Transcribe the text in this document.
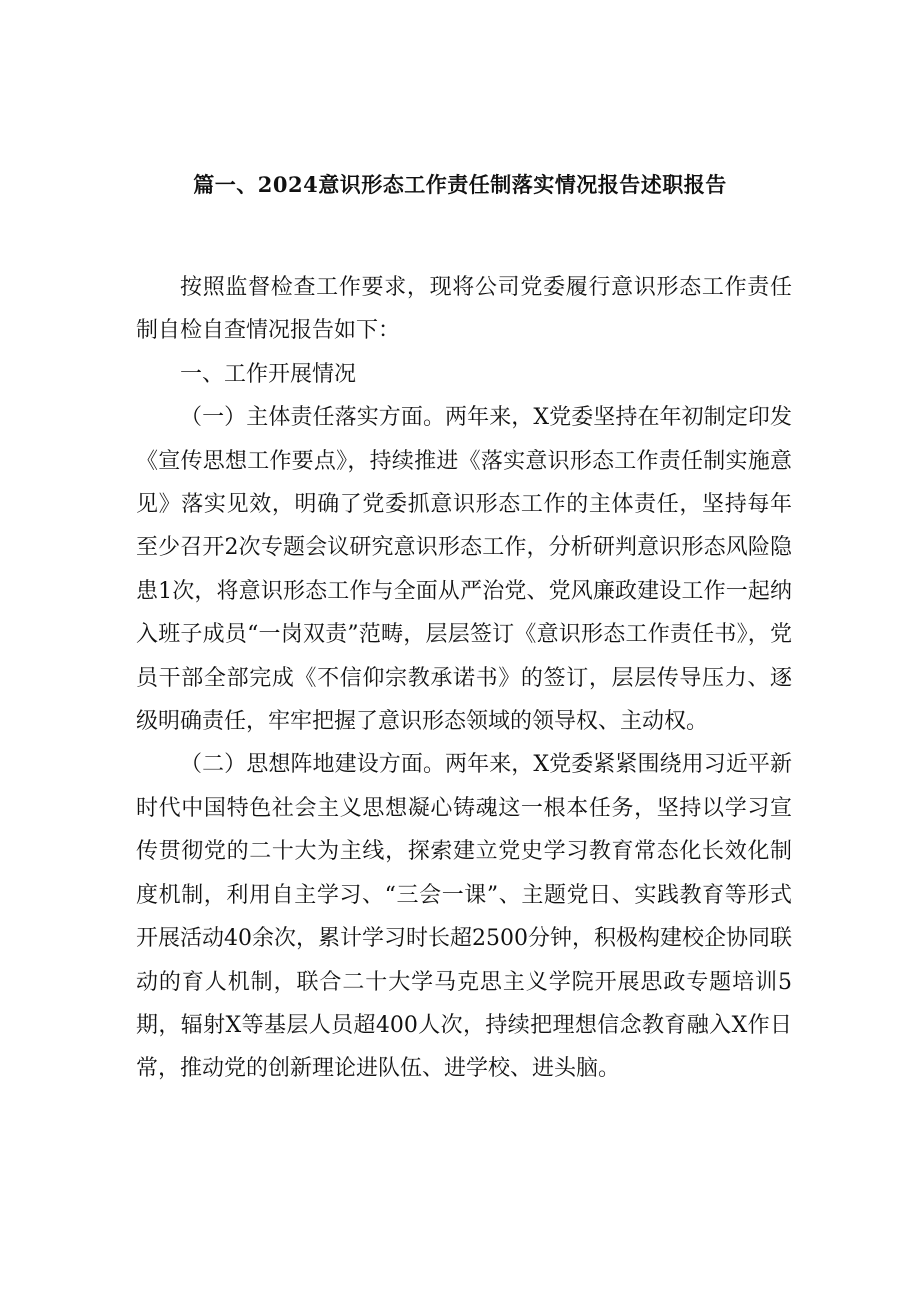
篇一、2024意识形态工作责任制落实情况报告述职报告

按照监督检查工作要求，现将公司党委履行意识形态工作责任制自检自查情况报告如下：

一、工作开展情况

（一）主体责任落实方面。两年来，X党委坚持在年初制定印发《宣传思想工作要点》，持续推进《落实意识形态工作责任制实施意见》落实见效，明确了党委抓意识形态工作的主体责任，坚持每年至少召开2次专题会议研究意识形态工作，分析研判意识形态风险隐患1次，将意识形态工作与全面从严治党、党风廉政建设工作一起纳入班子成员“一岗双责”范畴，层层签订《意识形态工作责任书》，党员干部全部完成《不信仰宗教承诺书》的签订，层层传导压力、逐级明确责任，牢牢把握了意识形态领域的领导权、主动权。

（二）思想阵地建设方面。两年来，X党委紧紧围绕用习近平新时代中国特色社会主义思想凝心铸魂这一根本任务，坚持以学习宣传贯彻党的二十大为主线，探索建立党史学习教育常态化长效化制度机制，利用自主学习、“三会一课”、主题党日、实践教育等形式开展活动40余次，累计学习时长超2500分钟，积极构建校企协同联动的育人机制，联合二十大学马克思主义学院开展思政专题培训5期，辐射X等基层人员超400人次，持续把理想信念教育融入X作日常，推动党的创新理论进队伍、进学校、进头脑。
